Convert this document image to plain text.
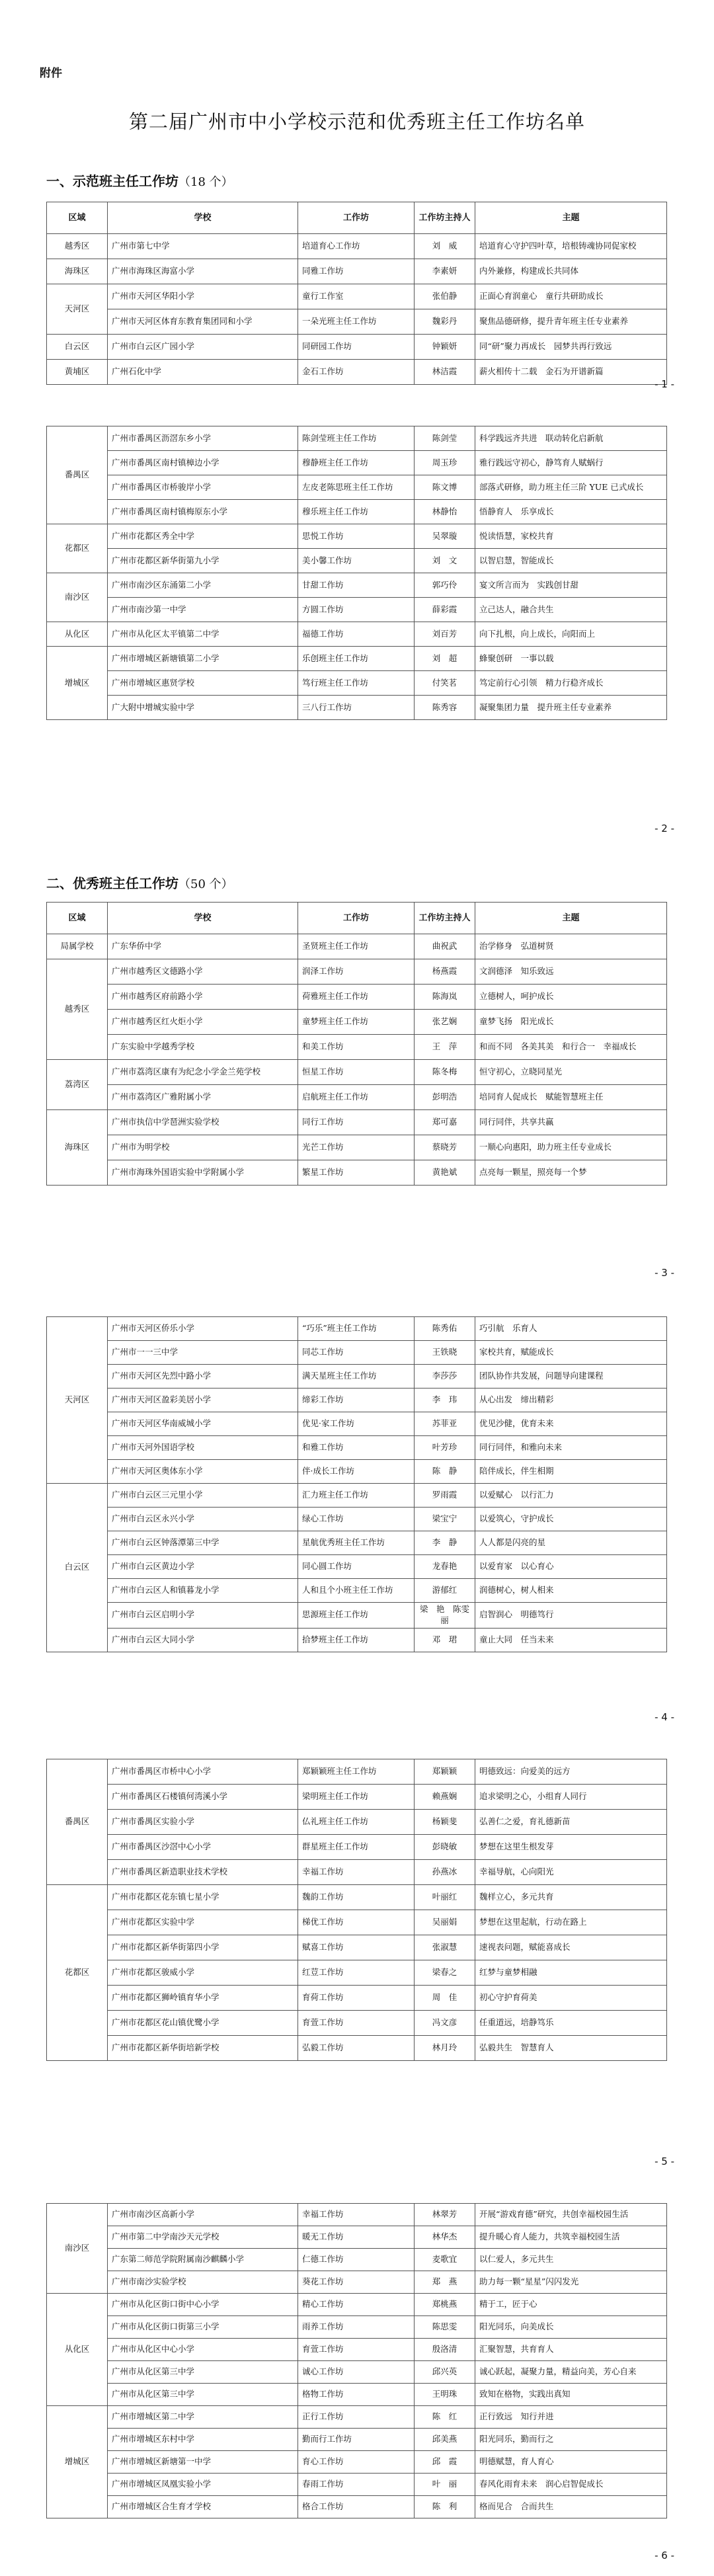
附件
第二届广州市中小学校示范和优秀班主任工作坊名单
一、示范班主任工作坊（18 个）
区域	学校	工作坊	工作坊主持人	主题
越秀区	广州市第七中学	培道育心工作坊	刘　威	培道育心守护四叶草，培根铸魂协同促家校
海珠区	广州市海珠区海富小学	同雅工作坊	李素妍	内外兼修，构建成长共同体
天河区	广州市天河区华阳小学	童行工作室	张伯静	正面心育润童心　童行共研助成长
	广州市天河区体育东教育集团同和小学	一朵光班主任工作坊	魏彩丹	聚焦品德研修，提升青年班主任专业素养
白云区	广州市白云区广园小学	同研园工作坊	钟颖妍	同“研”聚力再成长　园梦共再行致远
黄埔区	广州石化中学	金石工作坊	林洁霞	薪火相传十二载　金石为开谱新篇
- 1 -
番禺区	广州市番禺区沥滘东乡小学	陈剑莹班主任工作坊	陈剑莹	科学践远齐共进　联动转化启新航
	广州市番禺区南村镇樟边小学	穆静班主任工作坊	周玉珍	雅行践远守初心，静笃育人赋蜗行
	广州市番禺区市桥骏岸小学	左皮老陈思班主任工作坊	陈文博	部落式研修，助力班主任三阶 YUE 已式成长
	广州市番禺区南村镇梅原东小学	穆乐班主任工作坊	林静怡	悟静育人　乐享成长
花都区	广州市花都区秀全中学	思悦工作坊	吴翠璇	悦读悟慧，家校共育
	广州市花都区新华街第九小学	美小馨工作坊	刘　文	以智启慧，智能成长
南沙区	广州市南沙区东涌第二小学	甘甜工作坊	郭巧伶	宴文所言而为　实践创甘甜
	广州市南沙第一中学	方圆工作坊	薛彩霞	立己达人，融合共生
从化区	广州市从化区太平镇第二中学	福德工作坊	刘百芳	向下扎根，向上成长，向阳而上
增城区	广州市增城区新塘镇第二小学	乐创班主任工作坊	刘　超	蜂聚创研　一事以载
	广州市增城区惠贤学校	笃行班主任工作坊	付笑茗	笃定前行心引领　精力行稳齐成长
	广大附中增城实验中学	三八行工作坊	陈秀容	凝聚集团力量　提升班主任专业素养
- 2 -
二、优秀班主任工作坊（50 个）
区域	学校	工作坊	工作坊主持人	主题
局属学校	广东华侨中学	圣贤班主任工作坊	曲祝武	治学修身　弘道树贤
越秀区	广州市越秀区文德路小学	润泽工作坊	杨燕霞	文润德泽　知乐致远
	广州市越秀区府前路小学	荷雅班主任工作坊	陈海岚	立德树人，呵护成长
	广州市越秀区红火炬小学	童梦班主任工作坊	张艺娴	童梦飞扬　阳光成长
	广东实验中学越秀学校	和美工作坊	王　萍	和而不同　各美其美　和行合一　幸福成长
荔湾区	广州市荔湾区康有为纪念小学金兰苑学校	恒星工作坊	陈冬梅	恒守初心，立晓同星光
	广州市荔湾区广雅附属小学	启航班主任工作坊	彭明浩	培同育人促成长　赋能智慧班主任
海珠区	广州市执信中学琶洲实验学校	同行工作坊	郑可嘉	同行同伴，共享共赢
	广州市为明学校	光芒工作坊	蔡晓芳	一顺心向惠阳，助力班主任专业成长
	广州市海珠外国语实验中学附属小学	繁星工作坊	黄艳斌	点亮每一颗星，照亮每一个梦
- 3 -
天河区	广州市天河区侨乐小学	“巧乐”班主任工作坊	陈秀佑	巧引航　乐育人
	广州市一一三中学	同芯工作坊	王铁晓	家校共育，赋能成长
	广州市天河区先烈中路小学	满天星班主任工作坊	李莎莎	团队协作共发展，问题导向建课程
	广州市天河区盈彩美居小学	缔彩工作坊	李　玮	从心出发　缔出精彩
	广州市天河区华南威城小学	优见·家工作坊	苏菲亚	优见沙健，优育未来
	广州市天河外国语学校	和雅工作坊	叶芳珍	同行同伴，和雅向未来
	广州市天河区奥体东小学	伴·成长工作坊	陈　静	陪伴成长，伴生相期
白云区	广州市白云区三元里小学	汇力班主任工作坊	罗雨霞	以爱赋心　以行汇力
	广州市白云区永兴小学	绿心工作坊	梁宝宁	以爱筑心，守护成长
	广州市白云区钟落潭第三中学	星航优秀班主任工作坊	李　静	人人都是闪亮的星
	广州市白云区黄边小学	同心圆工作坊	龙春艳	以爱育家　以心育心
	广州市白云区人和镇暮龙小学	人和且个小班主任工作坊	游郁红	润德树心，树人相来
	广州市白云区启明小学	思源班主任工作坊	梁　艳　陈雯丽	启智润心　明德笃行
	广州市白云区大同小学	拾梦班主任工作坊	邓　珺	童止大同　任当未来
- 4 -
番禺区	广州市番禺区市桥中心小学	郑颖颖班主任工作坊	郑颖颖	明德致远：向爱美的远方
	广州市番禺区石楼镇何湾溪小学	梁明班主任工作坊	赖燕娴	追求梁明之心，小组育人同行
	广州市番禺区实验小学	仏礼班主任工作坊	杨颖斐	弘善仁之爱，育礼德新苗
	广州市番禺区沙滘中心小学	群星班主任工作坊	彭晓敏	梦想在这里生根发芽
	广州市番禺区新造职业技术学校	幸福工作坊	孙燕冰	幸福导航，心向阳光
花都区	广州市花都区花东镇七星小学	魏韵工作坊	叶丽红	魏样立心，多元共育
	广州市花都区实验中学	梯优工作坊	吴丽娟	梦想在这里起航，行动在路上
	广州市花都区新华街第四小学	赋喜工作坊	张淑慧	速视表问题，赋能喜成长
	广州市花都区骏威小学	红荳工作坊	梁春之	红梦与童梦相融
	广州市花都区狮岭镇育华小学	育荷工作坊	周　佳	初心守护育荷美
	广州市花都区花山镇优鹭小学	育萱工作坊	冯文彦	任重道远，培静笃乐
	广州市花都区新华街培新学校	弘毅工作坊	林月玲	弘毅共生　智慧育人
- 5 -
南沙区	广州市南沙区高新小学	幸福工作坊	林翠芳	开展“游戏育德”研究，共创幸福校园生活
	广州市第二中学南沙天元学校	暖无工作坊	林华杰	提升暖心育人能力，共筑幸福校园生活
	广东第二师范学院附属南沙麒麟小学	仁德工作坊	麦歌宜	以仁爱人，多元共生
	广州市南沙实验学校	葵花工作坊	郑　燕	助力每一颗“星星”闪闪发光
从化区	广州市从化区街口街中心小学	精心工作坊	郑桃燕	精于工，匠于心
	广州市从化区街口街第三小学	雨养工作坊	陈思雯	阳光同乐，向美成长
	广州市从化区中心小学	育萱工作坊	殷洛清	汇聚智慧，共育育人
	广州市从化区第三中学	诚心工作坊	邱兴英	诚心跃起，凝聚力量，精益向美，芳心自来
	广州市从化区第三中学	格物工作坊	王明珠	致知在格物，实践出真知
增城区	广州市增城区第二中学	正行工作坊	陈　红	正行致远　知行并进
	广州市增城区东村中学	勤而行工作坊	邱美燕	阳光同乐，勤而行之
	广州市增城区新塘第一中学	育心工作坊	邱　霞	明德赋慧，育人育心
	广州市增城区凤凰实验小学	春雨工作坊	叶　丽	春风化雨育未来　润心启智促成长
	广州市增城区合生育才学校	格合工作坊	陈　利	格而见合　合而共生
- 6 -
